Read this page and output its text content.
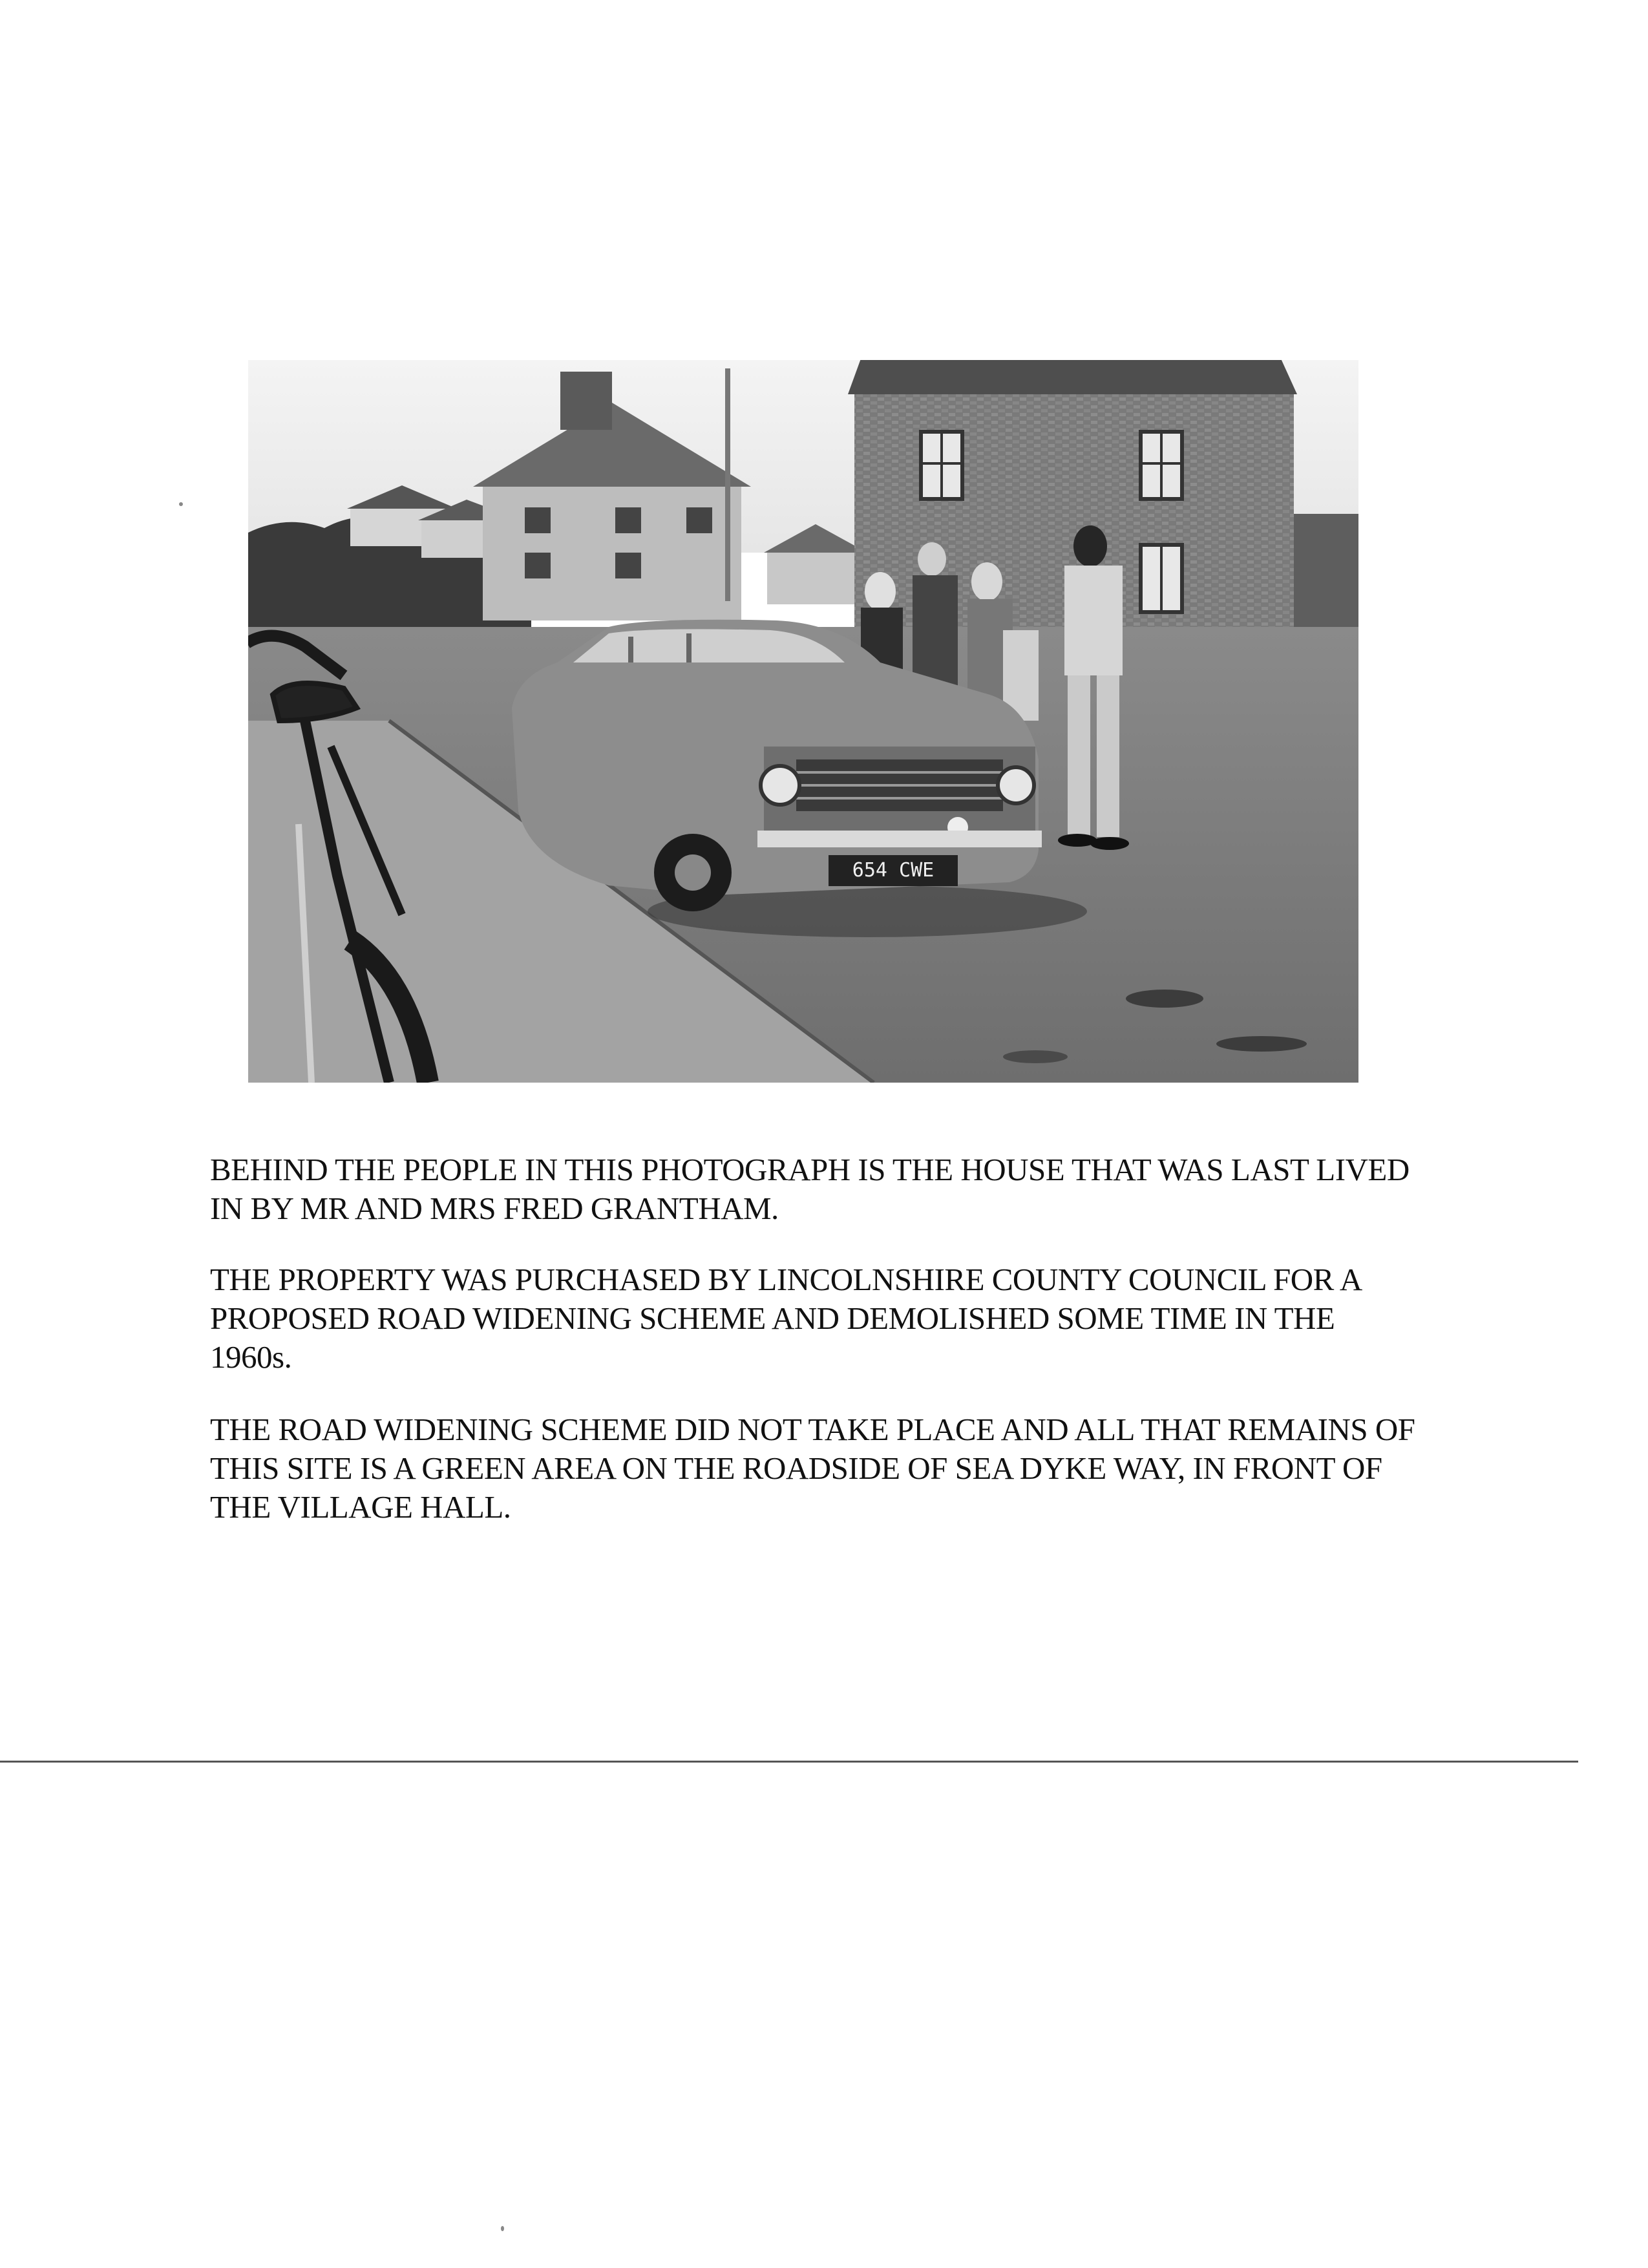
654 CWE
BEHIND THE PEOPLE IN THIS PHOTOGRAPH IS THE HOUSE THAT WAS LAST LIVED
IN BY MR AND MRS FRED GRANTHAM.
THE PROPERTY WAS PURCHASED BY LINCOLNSHIRE COUNTY COUNCIL FOR A
PROPOSED ROAD WIDENING SCHEME AND DEMOLISHED SOME TIME IN THE
1960s.
THE ROAD WIDENING SCHEME DID NOT TAKE PLACE AND ALL THAT REMAINS OF
THIS SITE IS A GREEN AREA ON THE ROADSIDE OF SEA DYKE WAY, IN FRONT OF
THE VILLAGE HALL.
